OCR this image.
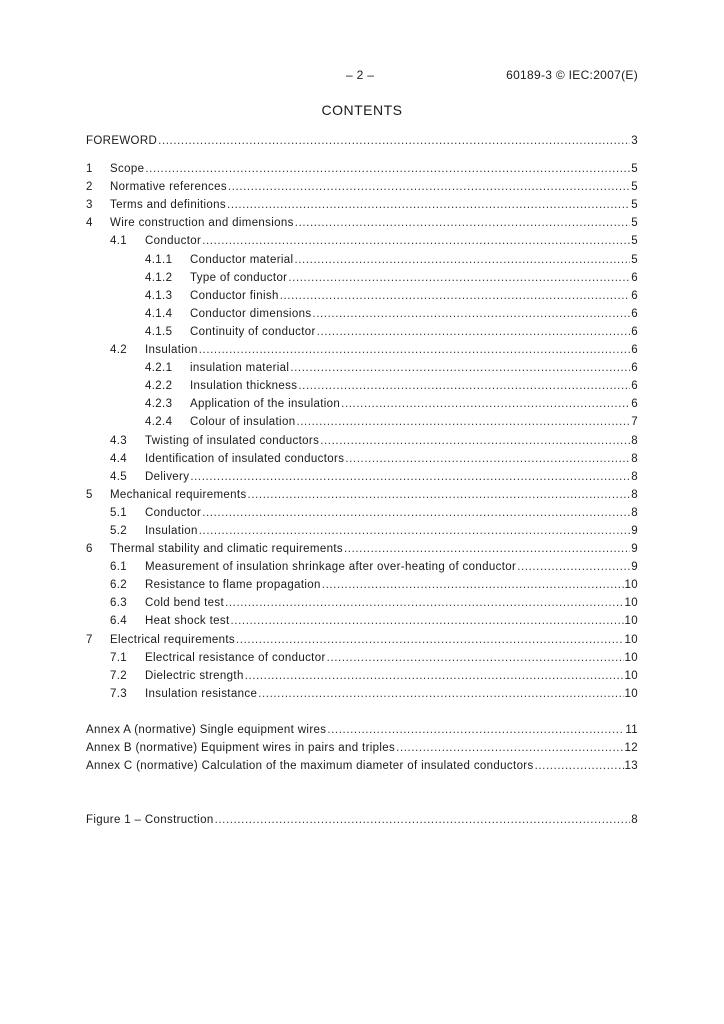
– 2 –	60189-3 © IEC:2007(E)
CONTENTS
FOREWORD .....	3
1	Scope .....	5
2	Normative references .....	5
3	Terms and definitions .....	5
4	Wire construction and dimensions .....	5
4.1	Conductor .....	5
4.1.1	Conductor material .....	5
4.1.2	Type of conductor .....	6
4.1.3	Conductor finish .....	6
4.1.4	Conductor dimensions .....	6
4.1.5	Continuity of conductor .....	6
4.2	Insulation .....	6
4.2.1	insulation material .....	6
4.2.2	Insulation thickness .....	6
4.2.3	Application of the insulation .....	6
4.2.4	Colour of insulation .....	7
4.3	Twisting of insulated conductors .....	8
4.4	Identification of insulated conductors .....	8
4.5	Delivery .....	8
5	Mechanical requirements .....	8
5.1	Conductor .....	8
5.2	Insulation .....	9
6	Thermal stability and climatic requirements .....	9
6.1	Measurement of insulation shrinkage after over-heating of conductor .....	9
6.2	Resistance to flame propagation .....	10
6.3	Cold bend test .....	10
6.4	Heat shock test .....	10
7	Electrical requirements .....	10
7.1	Electrical resistance of conductor .....	10
7.2	Dielectric strength .....	10
7.3	Insulation resistance .....	10
Annex A (normative) Single equipment wires .....	11
Annex B (normative) Equipment wires in pairs and triples .....	12
Annex C (normative) Calculation of the maximum diameter of insulated conductors .....	13
Figure 1 – Construction .....	8
